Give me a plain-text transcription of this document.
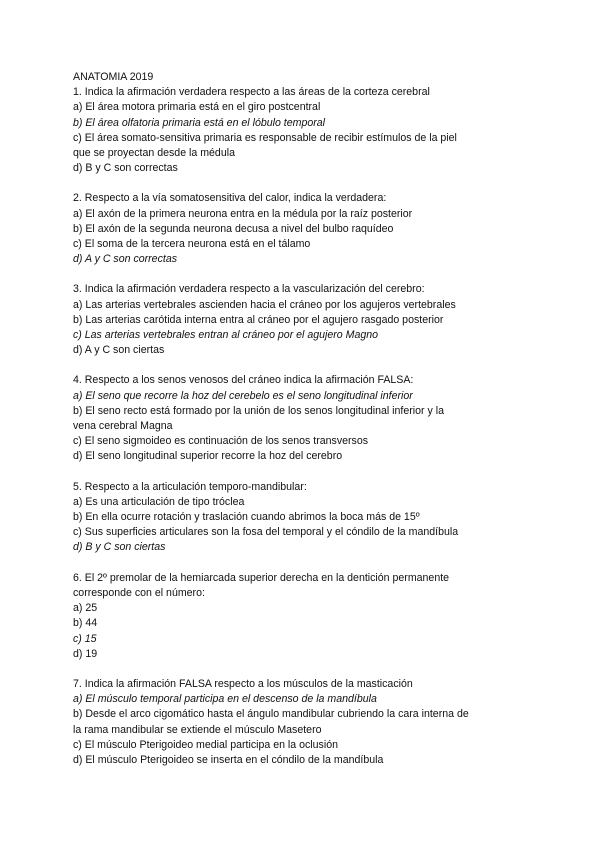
ANATOMIA 2019

1. Indica la afirmación verdadera respecto a las áreas de la corteza cerebral

a) El área motora primaria está en el giro postcentral

b) El área olfatoria primaria está en el lóbulo temporal

c) El área somato-sensitiva primaria es responsable de recibir estímulos de la piel

que se proyectan desde la médula

d) B y C son correctas

2. Respecto a la vía somatosensitiva del calor, indica la verdadera:

a) El axón de la primera neurona entra en la médula por la raíz posterior

b) El axón de la segunda neurona decusa a nivel del bulbo raquídeo

c) El soma de la tercera neurona está en el tálamo

d) A y C son correctas

3. Indica la afirmación verdadera respecto a la vascularización del cerebro:

a) Las arterias vertebrales ascienden hacia el cráneo por los agujeros vertebrales

b) Las arterias carótida interna entra al cráneo por el agujero rasgado posterior

c) Las arterias vertebrales entran al cráneo por el agujero Magno

d) A y C son ciertas

4. Respecto a los senos venosos del cráneo indica la afirmación FALSA:

a) El seno que recorre la hoz del cerebelo es el seno longitudinal inferior

b) El seno recto está formado por la unión de los senos longitudinal inferior y la

vena cerebral Magna

c) El seno sigmoideo es continuación de los senos transversos

d) El seno longitudinal superior recorre la hoz del cerebro

5. Respecto a la articulación temporo-mandibular:

a) Es una articulación de tipo tróclea

b) En ella ocurre rotación y traslación cuando abrimos la boca más de 15º

c) Sus superficies articulares son la fosa del temporal y el cóndilo de la mandíbula

d) B y C son ciertas

6. El 2º premolar de la hemiarcada superior derecha en la dentición permanente

corresponde con el número:

a) 25

b) 44

c) 15

d) 19

7. Indica la afirmación FALSA respecto a los músculos de la masticación

a) El músculo temporal participa en el descenso de la mandíbula

b) Desde el arco cigomático hasta el ángulo mandibular cubriendo la cara interna de

la rama mandibular se extiende el músculo Masetero

c) El músculo Pterigoideo medial participa en la oclusión

d) El músculo Pterigoideo se inserta en el cóndilo de la mandíbula
